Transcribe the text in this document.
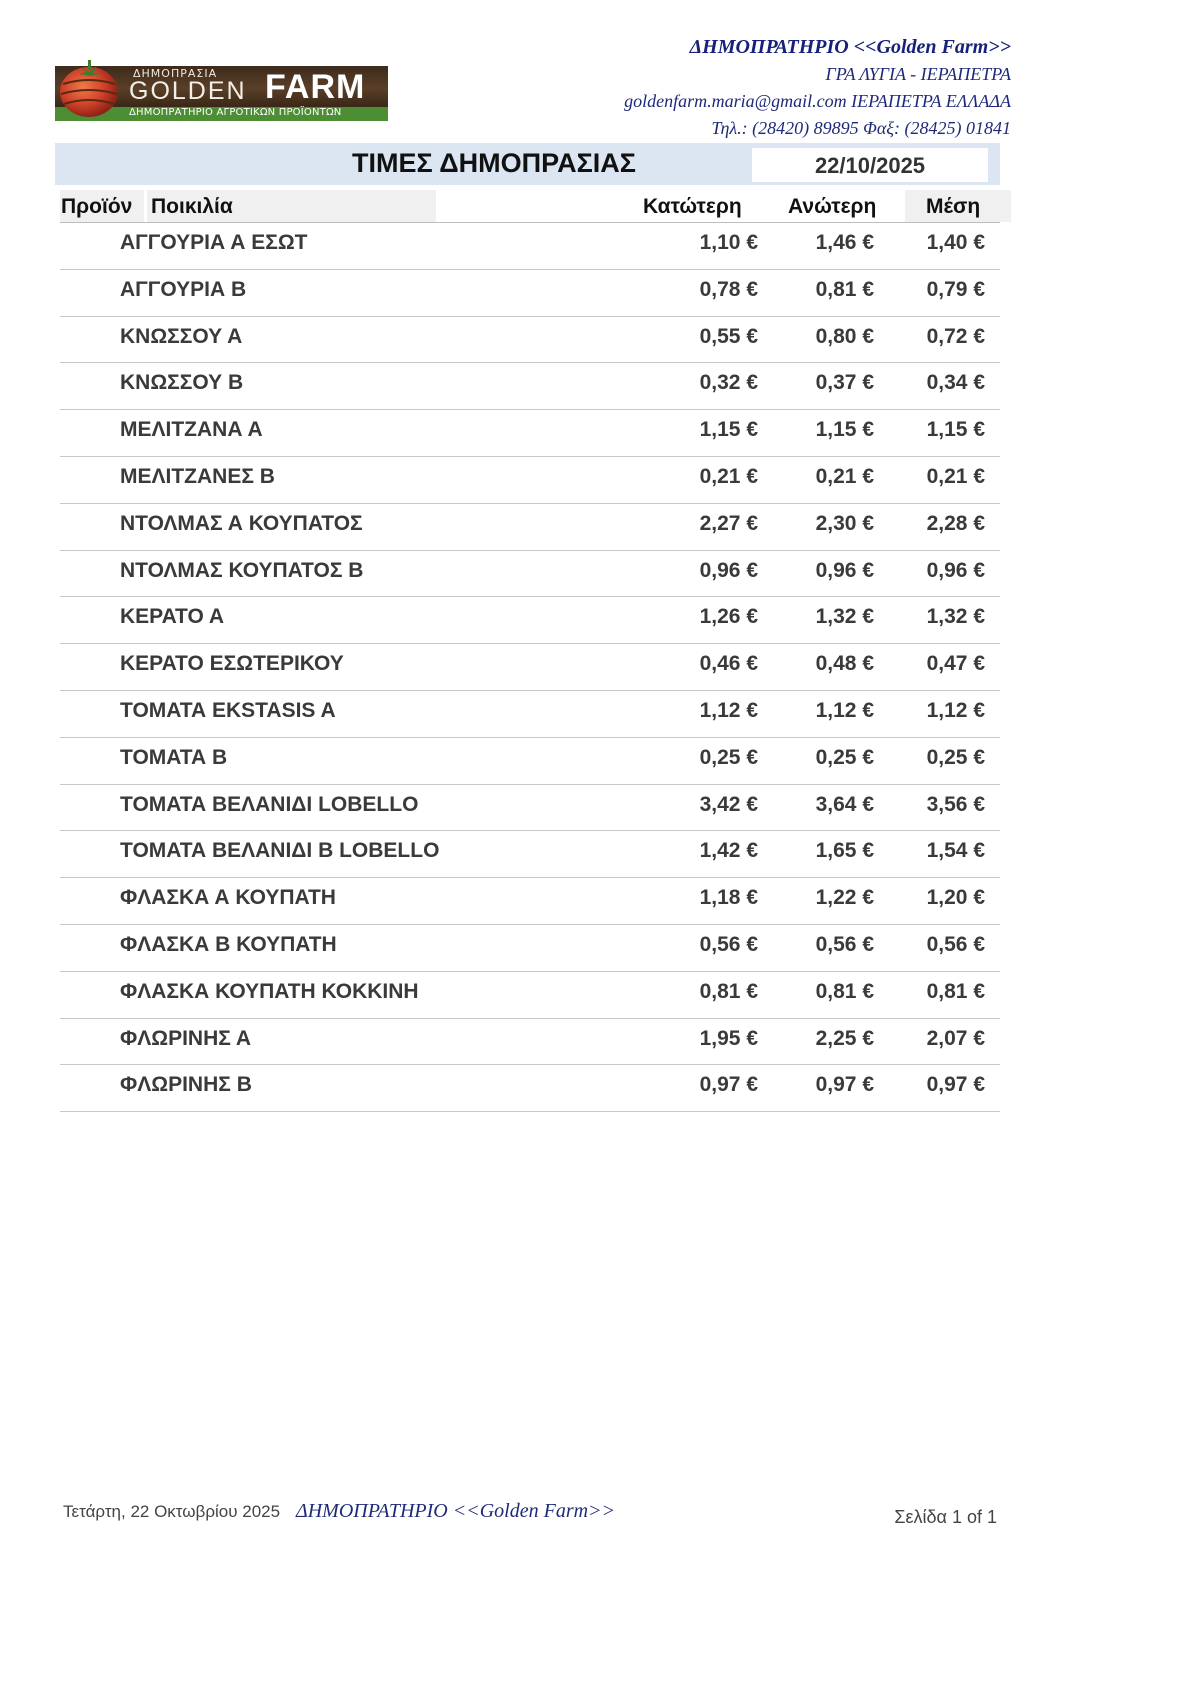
ΔΗΜΟΠΡΑΣΙΑ
GOLDEN FARM
ΔΗΜΟΠΡΑΤΗΡΙΟ ΑΓΡΟΤΙΚΩΝ ΠΡΟΪΟΝΤΩΝ
ΔΗΜΟΠΡΑΤΗΡΙΟ <<Golden Farm>>
ΓΡΑ ΛΥΓΙΑ - ΙΕΡΑΠΕΤΡΑ
goldenfarm.maria@gmail.com ΙΕΡΑΠΕΤΡΑ ΕΛΛΑΔΑ
Τηλ.: (28420) 89895 Φαξ: (28425) 01841
ΤΙΜΕΣ ΔΗΜΟΠΡΑΣΙΑΣ	22/10/2025
Προϊόν Ποικιλία	Κατώτερη Ανώτερη Μέση
ΑΓΓΟΥΡΙΑ Α ΕΣΩΤ	1,10 €	1,46 €	1,40 €
ΑΓΓΟΥΡΙΑ Β	0,78 €	0,81 €	0,79 €
ΚΝΩΣΣΟΥ Α	0,55 €	0,80 €	0,72 €
ΚΝΩΣΣΟΥ Β	0,32 €	0,37 €	0,34 €
ΜΕΛΙΤΖΑΝΑ Α	1,15 €	1,15 €	1,15 €
ΜΕΛΙΤΖΑΝΕΣ Β	0,21 €	0,21 €	0,21 €
ΝΤΟΛΜΑΣ Α ΚΟΥΠΑΤΟΣ	2,27 €	2,30 €	2,28 €
ΝΤΟΛΜΑΣ ΚΟΥΠΑΤΟΣ Β	0,96 €	0,96 €	0,96 €
ΚΕΡΑΤΟ Α	1,26 €	1,32 €	1,32 €
ΚΕΡΑΤΟ ΕΣΩΤΕΡΙΚΟΥ	0,46 €	0,48 €	0,47 €
ΤΟΜΑΤΑ EKSTASIS A	1,12 €	1,12 €	1,12 €
ΤΟΜΑΤΑ Β	0,25 €	0,25 €	0,25 €
ΤΟΜΑΤΑ ΒΕΛΑΝΙΔΙ LOBELLO	3,42 €	3,64 €	3,56 €
ΤΟΜΑΤΑ ΒΕΛΑΝΙΔΙ Β LOBELLO	1,42 €	1,65 €	1,54 €
ΦΛΑΣΚΑ Α ΚΟΥΠΑΤΗ	1,18 €	1,22 €	1,20 €
ΦΛΑΣΚΑ Β ΚΟΥΠΑΤΗ	0,56 €	0,56 €	0,56 €
ΦΛΑΣΚΑ ΚΟΥΠΑΤΗ ΚΟΚΚΙΝΗ	0,81 €	0,81 €	0,81 €
ΦΛΩΡΙΝΗΣ Α	1,95 €	2,25 €	2,07 €
ΦΛΩΡΙΝΗΣ Β	0,97 €	0,97 €	0,97 €
Τετάρτη, 22 Οκτωβρίου 2025 ΔΗΜΟΠΡΑΤΗΡΙΟ <<Golden Farm>>	Σελίδα 1 of 1
